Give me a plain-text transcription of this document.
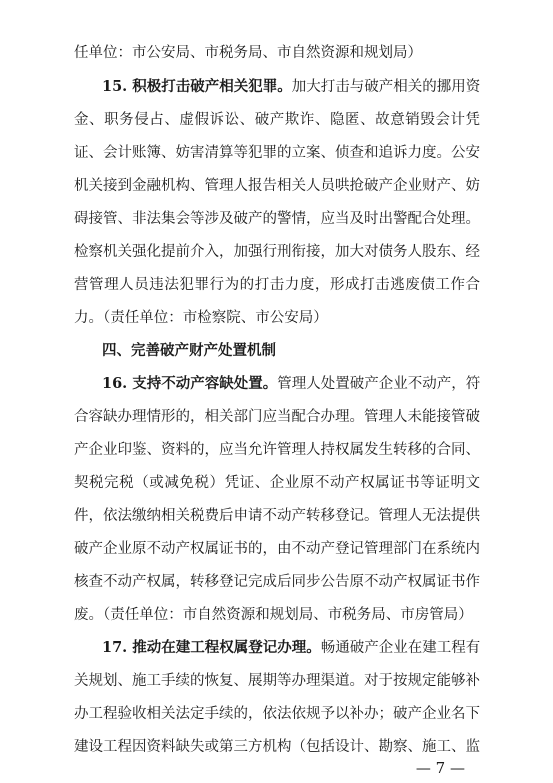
任单位：市公安局、市税务局、市自然资源和规划局）
15. 积极打击破产相关犯罪。加大打击与破产相关的挪用资
金、职务侵占、虚假诉讼、破产欺诈、隐匿、故意销毁会计凭
证、会计账簿、妨害清算等犯罪的立案、侦查和追诉力度。公安
机关接到金融机构、管理人报告相关人员哄抢破产企业财产、妨
碍接管、非法集会等涉及破产的警情，应当及时出警配合处理。
检察机关强化提前介入，加强行刑衔接，加大对债务人股东、经
营管理人员违法犯罪行为的打击力度，形成打击逃废债工作合
力。（责任单位：市检察院、市公安局）
四、完善破产财产处置机制
16. 支持不动产容缺处置。管理人处置破产企业不动产，符
合容缺办理情形的，相关部门应当配合办理。管理人未能接管破
产企业印鉴、资料的，应当允许管理人持权属发生转移的合同、
契税完税（或减免税）凭证、企业原不动产权属证书等证明文
件，依法缴纳相关税费后申请不动产转移登记。管理人无法提供
破产企业原不动产权属证书的，由不动产登记管理部门在系统内
核查不动产权属，转移登记完成后同步公告原不动产权属证书作
废。（责任单位：市自然资源和规划局、市税务局、市房管局）
17. 推动在建工程权属登记办理。畅通破产企业在建工程有
关规划、施工手续的恢复、展期等办理渠道。对于按规定能够补
办工程验收相关法定手续的，依法依规予以补办；破产企业名下
建设工程因资料缺失或第三方机构（包括设计、勘察、施工、监
— 7 —
